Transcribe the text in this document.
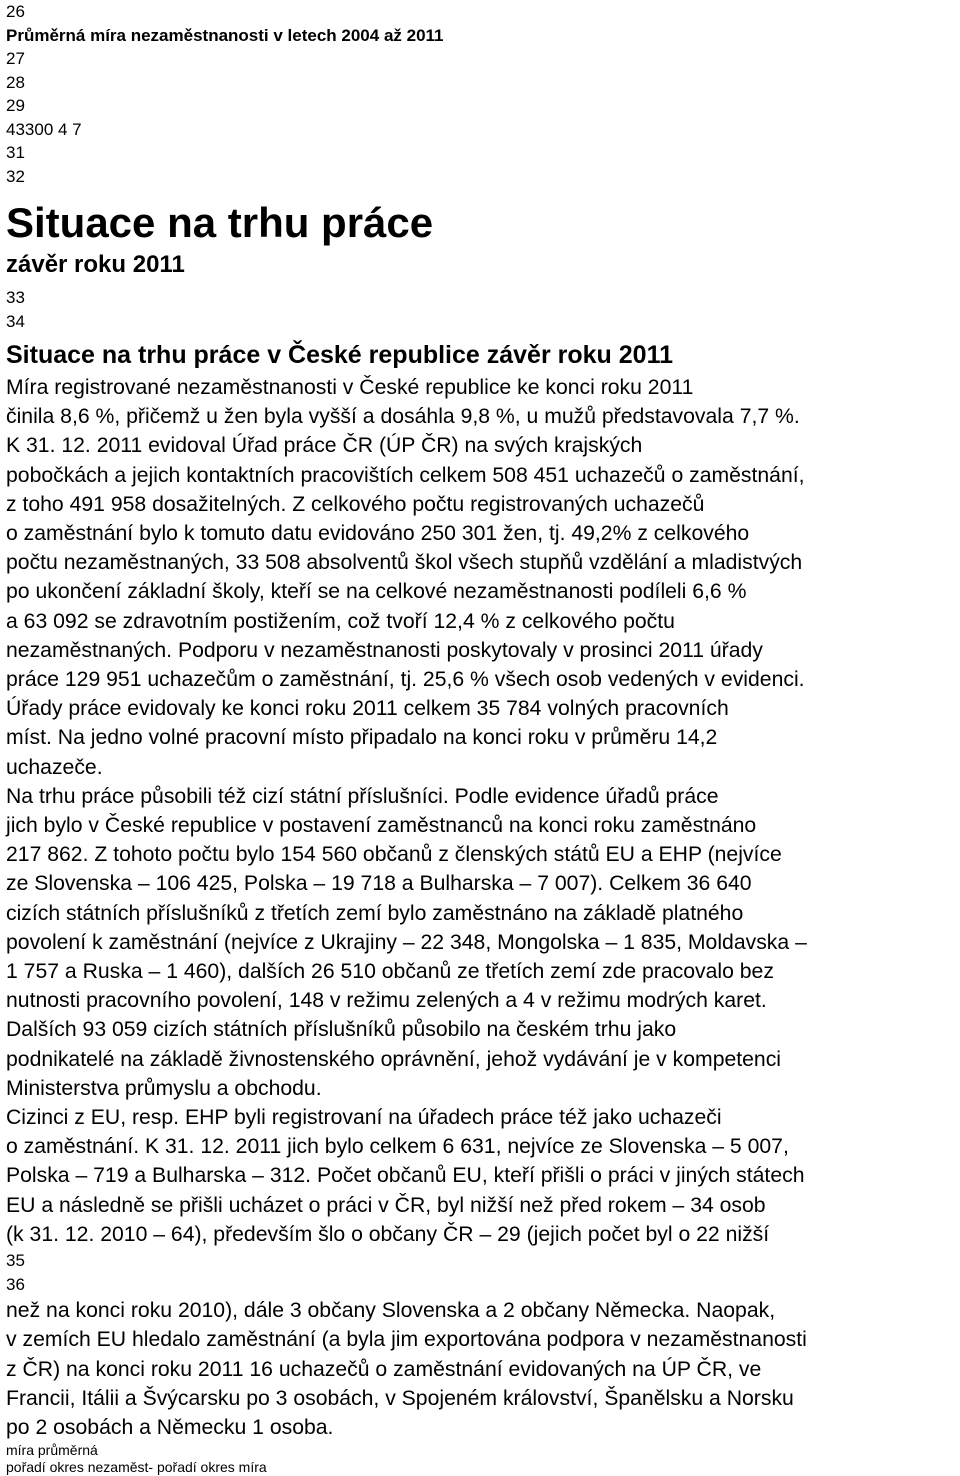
26

Průměrná míra nezaměstnanosti v letech 2004 až 2011

27

28

29

43300 4 7

31

32

Situace na trhu práce
závěr roku 2011

33

34

Situace na trhu práce v České republice závěr roku 2011

Míra registrované nezaměstnanosti v České republice ke konci roku 2011

činila 8,6 %, přičemž u žen byla vyšší a dosáhla 9,8 %, u mužů představovala 7,7 %.

K 31. 12. 2011 evidoval Úřad práce ČR (ÚP ČR) na svých krajských

pobočkách a jejich kontaktních pracovištích celkem 508 451 uchazečů o zaměstnání,

z toho 491 958 dosažitelných. Z celkového počtu registrovaných uchazečů

o zaměstnání bylo k tomuto datu evidováno 250 301 žen, tj. 49,2% z celkového

počtu nezaměstnaných, 33 508 absolventů škol všech stupňů vzdělání a mladistvých

po ukončení základní školy, kteří se na celkové nezaměstnanosti podíleli 6,6 %

a 63 092 se zdravotním postižením, což tvoří 12,4 % z celkového počtu

nezaměstnaných. Podporu v nezaměstnanosti poskytovaly v prosinci 2011 úřady

práce 129 951 uchazečům o zaměstnání, tj. 25,6 % všech osob vedených v evidenci.

Úřady práce evidovaly ke konci roku 2011 celkem 35 784 volných pracovních

míst. Na jedno volné pracovní místo připadalo na konci roku v průměru 14,2

uchazeče.

Na trhu práce působili též cizí státní příslušníci. Podle evidence úřadů práce

jich bylo v České republice v postavení zaměstnanců na konci roku zaměstnáno

217 862. Z tohoto počtu bylo 154 560 občanů z členských států EU a EHP (nejvíce

ze Slovenska – 106 425, Polska – 19 718 a Bulharska – 7 007). Celkem 36 640

cizích státních příslušníků z třetích zemí bylo zaměstnáno na základě platného

povolení k zaměstnání (nejvíce z Ukrajiny – 22 348, Mongolska – 1 835, Moldavska –

1 757 a Ruska – 1 460), dalších 26 510 občanů ze třetích zemí zde pracovalo bez

nutnosti pracovního povolení, 148 v režimu zelených a 4 v režimu modrých karet.

Dalších 93 059 cizích státních příslušníků působilo na českém trhu jako

podnikatelé na základě živnostenského oprávnění, jehož vydávání je v kompetenci

Ministerstva průmyslu a obchodu.

Cizinci z EU, resp. EHP byli registrovaní na úřadech práce též jako uchazeči

o zaměstnání. K 31. 12. 2011 jich bylo celkem 6 631, nejvíce ze Slovenska – 5 007,

Polska – 719 a Bulharska – 312. Počet občanů EU, kteří přišli o práci v jiných státech

EU a následně se přišli ucházet o práci v ČR, byl nižší než před rokem – 34 osob

(k 31. 12. 2010 – 64), především šlo o občany ČR – 29 (jejich počet byl o 22 nižší

35

36

než na konci roku 2010), dále 3 občany Slovenska a 2 občany Německa. Naopak,

v zemích EU hledalo zaměstnání (a byla jim exportována podpora v nezaměstnanosti

z ČR) na konci roku 2011 16 uchazečů o zaměstnání evidovaných na ÚP ČR, ve

Francii, Itálii a Švýcarsku po 3 osobách, v Spojeném království, Španělsku a Norsku

po 2 osobách a Německu 1 osoba.

míra průměrná

pořadí okres nezaměst- pořadí okres míra
